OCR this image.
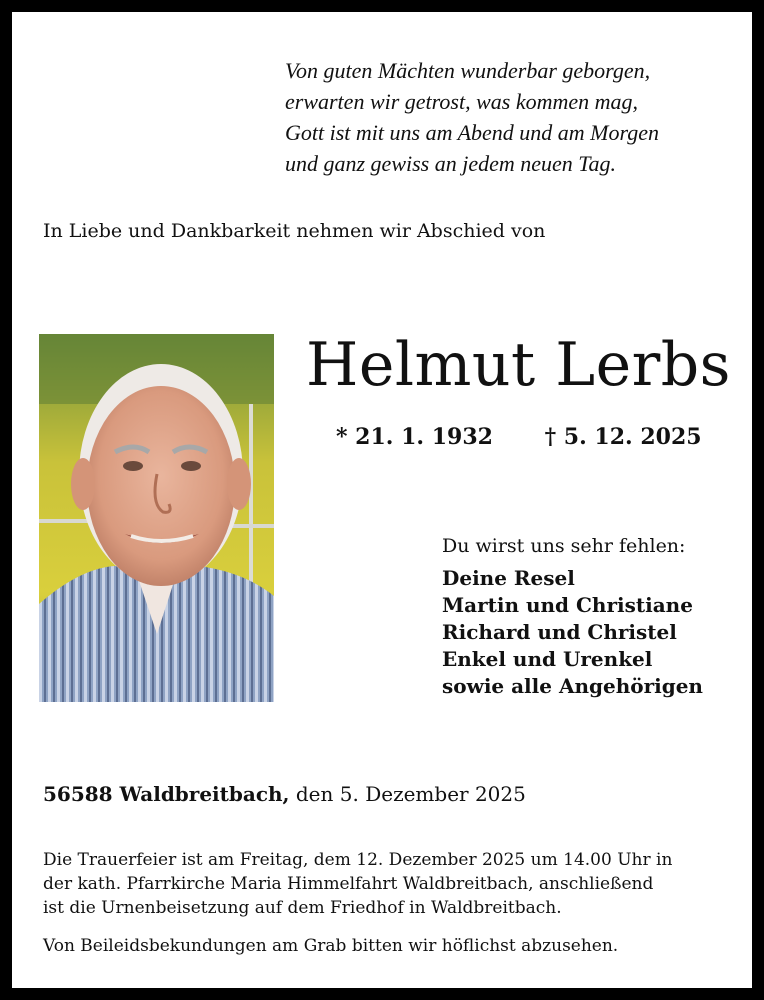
Von guten Mächten wunderbar geborgen,
erwarten wir getrost, was kommen mag,
Gott ist mit uns am Abend und am Morgen
und ganz gewiss an jedem neuen Tag.
In Liebe und Dankbarkeit nehmen wir Abschied von
Helmut Lerbs
* 21. 1. 1932 † 5. 12. 2025
Du wirst uns sehr fehlen:
Deine Resel
Martin und Christiane
Richard und Christel
Enkel und Urenkel
sowie alle Angehörigen
56588 Waldbreitbach, den 5. Dezember 2025
Die Trauerfeier ist am Freitag, dem 12. Dezember 2025 um 14.00 Uhr in
der kath. Pfarrkirche Maria Himmelfahrt Waldbreitbach, anschließend
ist die Urnenbeisetzung auf dem Friedhof in Waldbreitbach.
Von Beileidsbekundungen am Grab bitten wir höflichst abzusehen.
